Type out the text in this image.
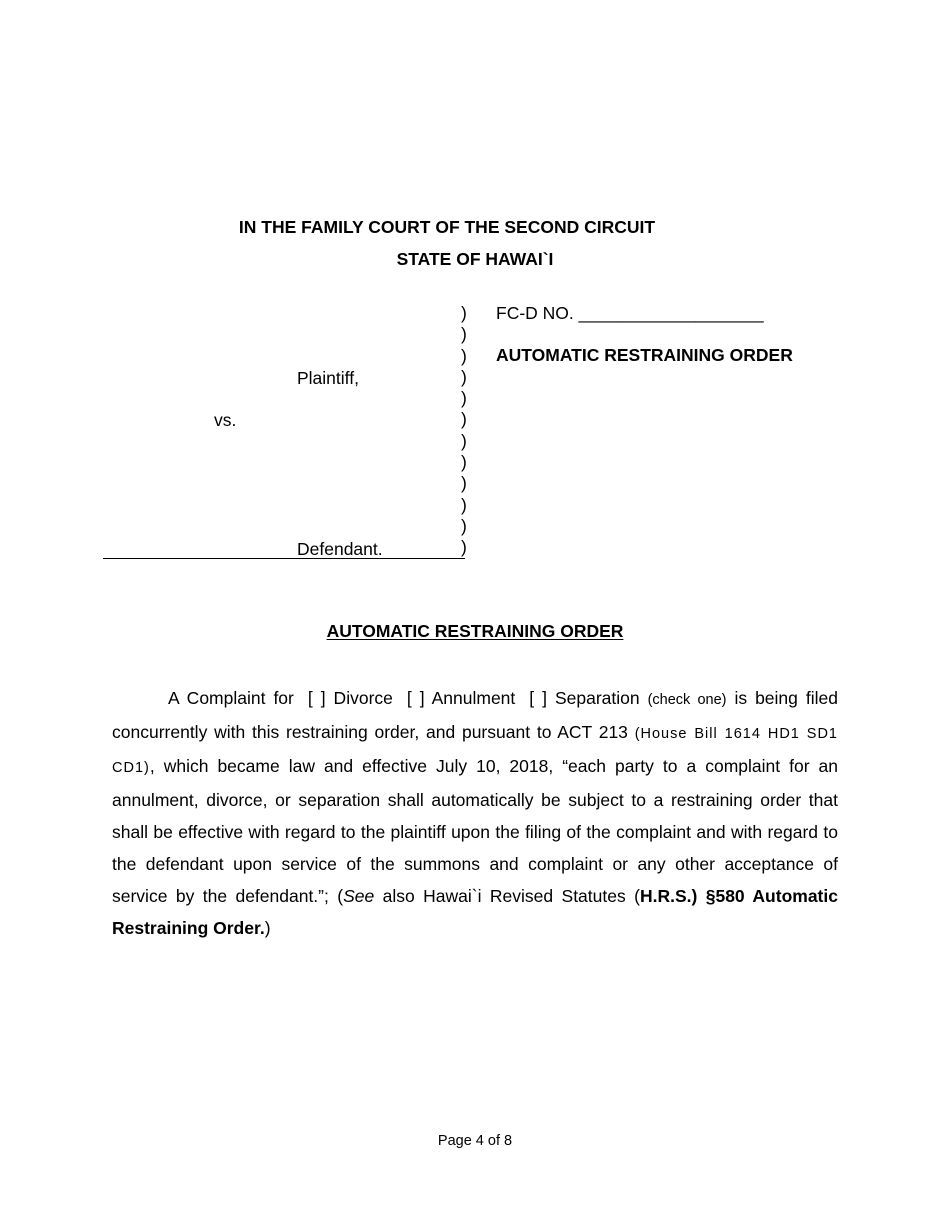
IN THE FAMILY COURT OF THE SECOND CIRCUIT
STATE OF HAWAI`I
Plaintiff,
vs.
Defendant.
)
)
)
)
)
)
)
)
)
)
)
)
FC-D NO. ___________________
AUTOMATIC RESTRAINING ORDER
AUTOMATIC RESTRAINING ORDER
A Complaint for [ ] Divorce [ ] Annulment [ ] Separation (check one) is being filed concurrently with this restraining order, and pursuant to ACT 213 (House Bill 1614 HD1 SD1 CD1), which became law and effective July 10, 2018, “each party to a complaint for an annulment, divorce, or separation shall automatically be subject to a restraining order that shall be effective with regard to the plaintiff upon the filing of the complaint and with regard to the defendant upon service of the summons and complaint or any other acceptance of service by the defendant.”; (See also Hawai`i Revised Statutes (H.R.S.) §580 Automatic Restraining Order.)
Page 4 of 8
